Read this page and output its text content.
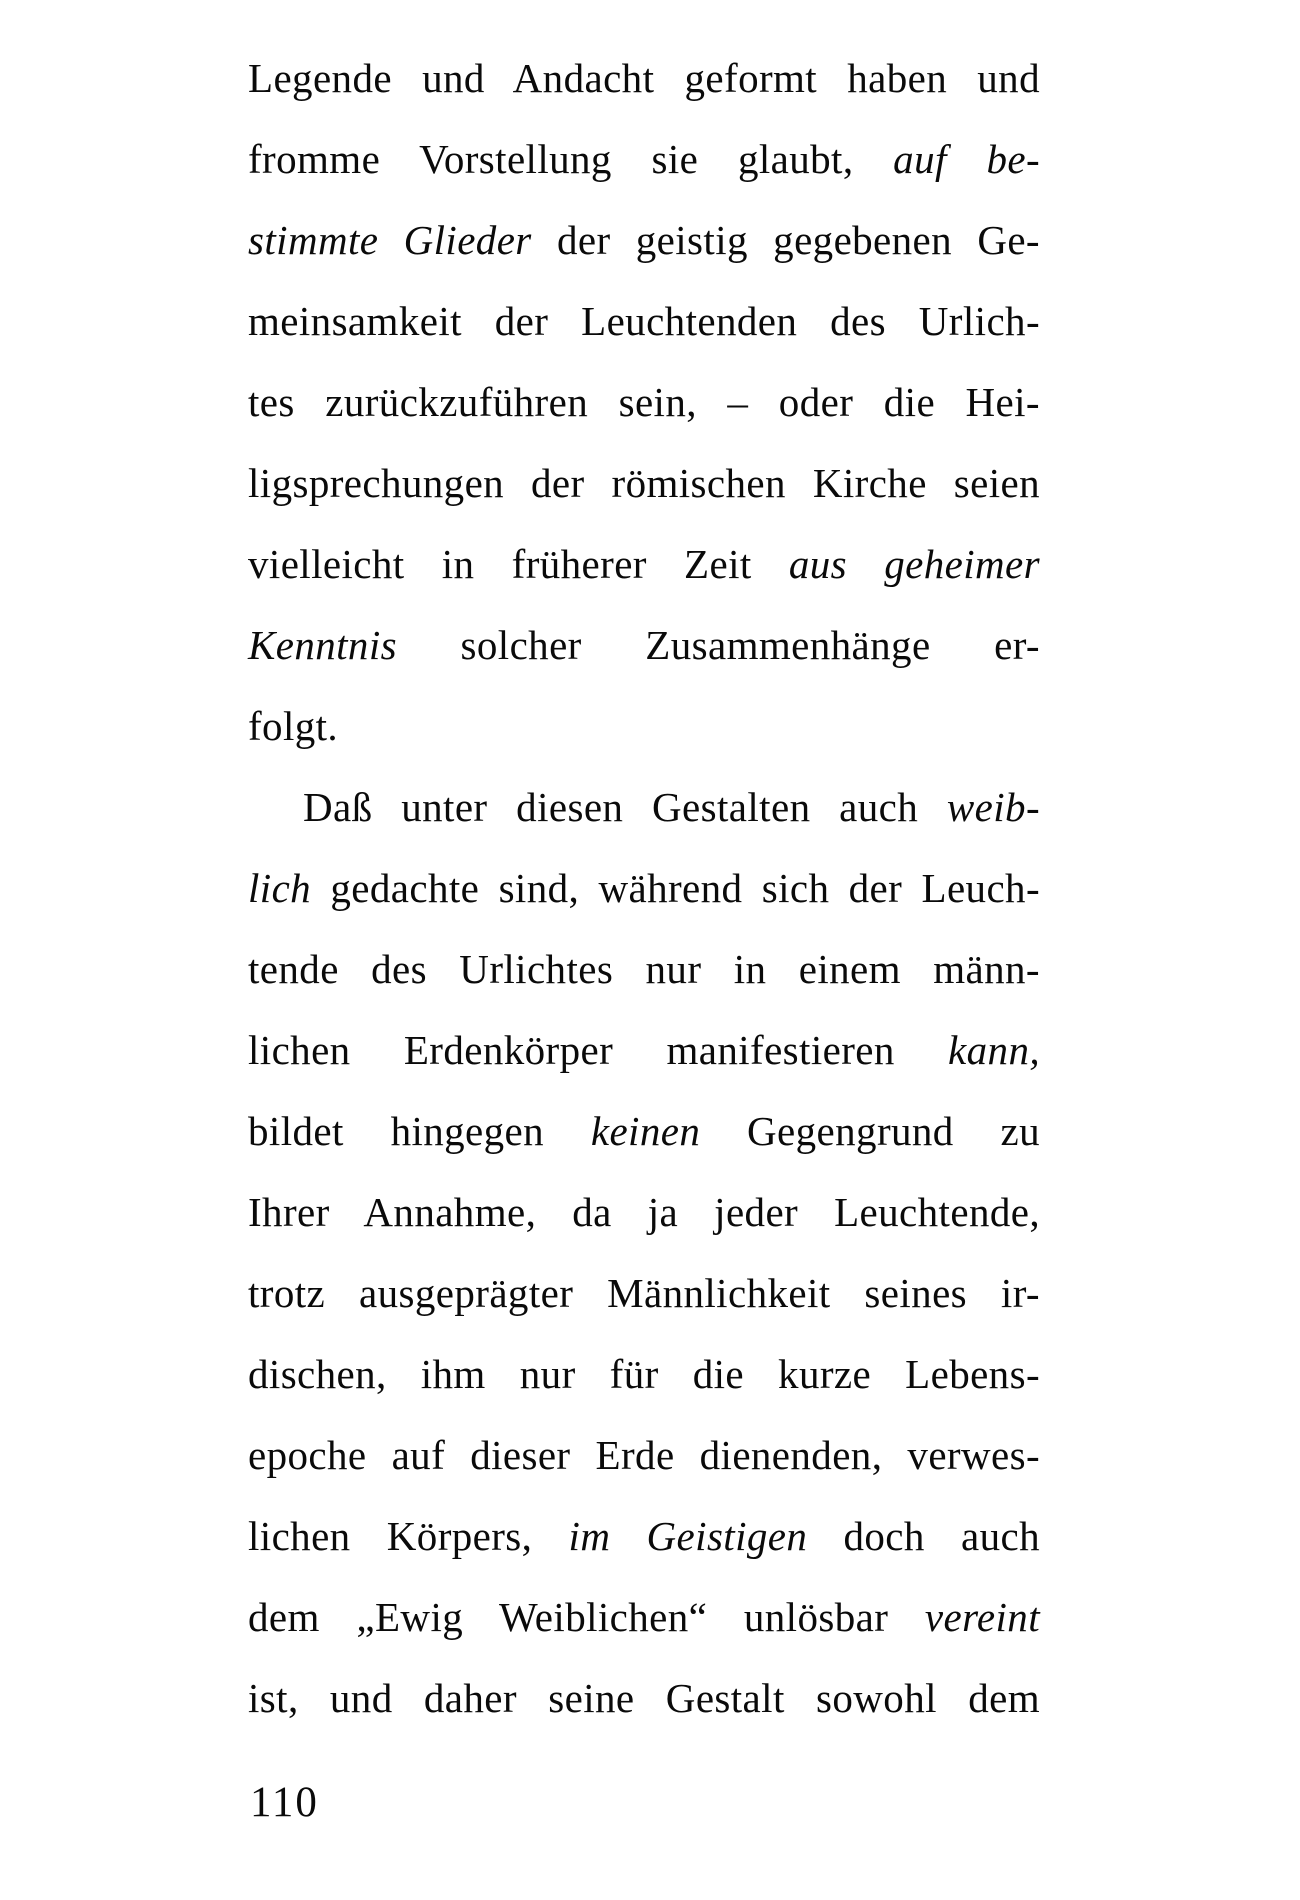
Legende und Andacht geformt haben und
fromme Vorstellung sie glaubt, auf be-
stimmte Glieder der geistig gegebenen Ge-
meinsamkeit der Leuchtenden des Urlich-
tes zurückzuführen sein, – oder die Hei-
ligsprechungen der römischen Kirche seien
vielleicht in früherer Zeit aus geheimer
Kenntnis solcher Zusammenhänge er-
folgt.
Daß unter diesen Gestalten auch weib-
lich gedachte sind, während sich der Leuch-
tende des Urlichtes nur in einem männ-
lichen Erdenkörper manifestieren kann,
bildet hingegen keinen Gegengrund zu
Ihrer Annahme, da ja jeder Leuchtende,
trotz ausgeprägter Männlichkeit seines ir-
dischen, ihm nur für die kurze Lebens-
epoche auf dieser Erde dienenden, verwes-
lichen Körpers, im Geistigen doch auch
dem „Ewig Weiblichen“ unlösbar vereint
ist, und daher seine Gestalt sowohl dem
110
